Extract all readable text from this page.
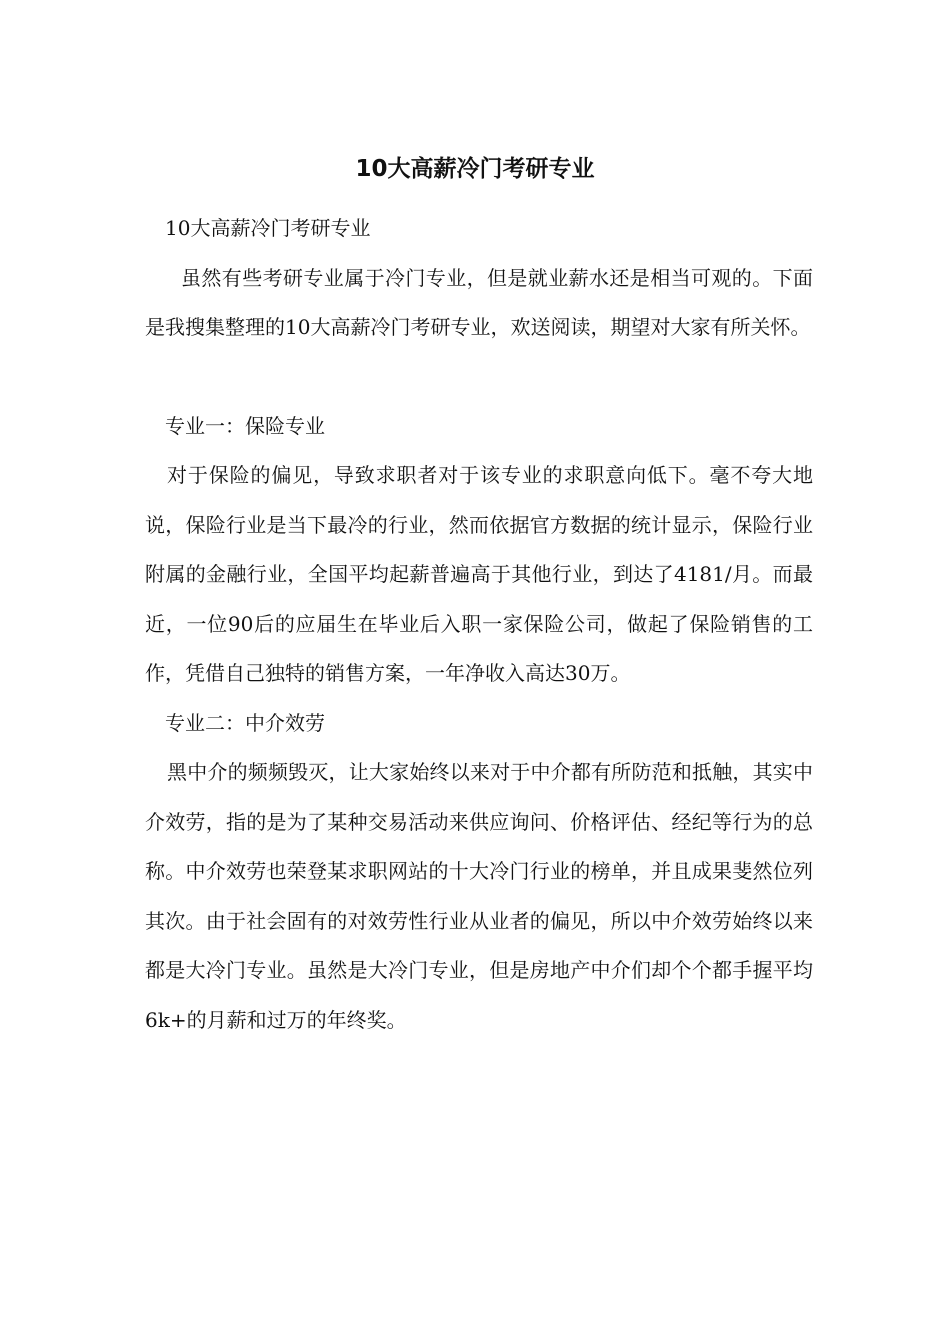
10大高薪冷门考研专业

10大高薪冷门考研专业

虽然有些考研专业属于冷门专业，但是就业薪水还是相当可观的。下面是我搜集整理的10大高薪冷门考研专业，欢送阅读，期望对大家有所关怀。

专业一：保险专业

对于保险的偏见，导致求职者对于该专业的求职意向低下。毫不夸大地说，保险行业是当下最冷的行业，然而依据官方数据的统计显示，保险行业附属的金融行业，全国平均起薪普遍高于其他行业，到达了4181/月。而最近，一位90后的应届生在毕业后入职一家保险公司，做起了保险销售的工作，凭借自己独特的销售方案，一年净收入高达30万。

专业二：中介效劳

黑中介的频频毁灭，让大家始终以来对于中介都有所防范和抵触，其实中介效劳，指的是为了某种交易活动来供应询问、价格评估、经纪等行为的总称。中介效劳也荣登某求职网站的十大冷门行业的榜单，并且成果斐然位列其次。由于社会固有的对效劳性行业从业者的偏见，所以中介效劳始终以来都是大冷门专业。虽然是大冷门专业，但是房地产中介们却个个都手握平均6k+的月薪和过万的年终奖。
